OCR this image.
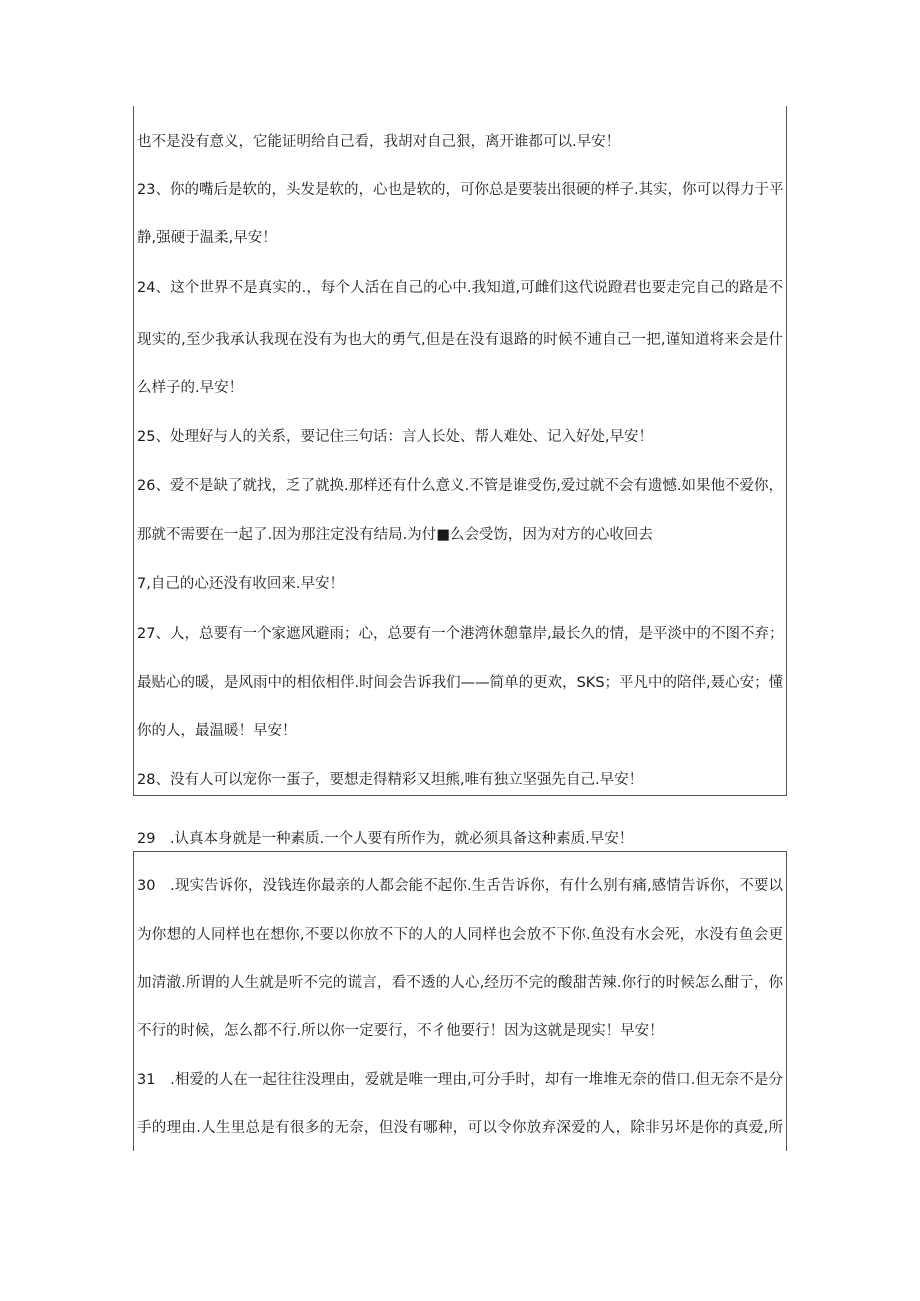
也不是没有意义，它能证明给自己看，我胡对自己狠，离开谁都可以.早安！
23、你的嘴后是软的，头发是软的，心也是软的，可你总是要装出很硬的样子.其实，你可以得力于平
静,强硬于温柔,早安！
24、这个世界不是真实的.，每个人活在自己的心中.我知道,可雌们这代说蹬君也要走完自己的路是不
现实的,至少我承认我现在没有为也大的勇气,但是在没有退路的时候不逋自己一把,谨知道将来会是什
么样子的.早安！
25、处理好与人的关系，要记住三句话：言人长处、帮人难处、记入好处,早安！
26、爱不是缺了就找，乏了就换.那样还有什么意义.不管是谁受伤,爱过就不会有遗憾.如果他不爱你，
那就不需要在一起了.因为那注定没有结局.为付■么会受饬，因为对方的心收回去
7,自己的心还没有收回来.早安！
27、人，总要有一个家遮风避雨；心，总要有一个港湾休憩靠岸,最长久的情，是平淡中的不图不弃；
最贴心的暖，是风雨中的相依相伴.时间会告诉我们——简单的更欢，SKS；平凡中的陪伴,聂心安；懂
你的人，最温暖！早安！
28、没有人可以宠你一蛋子，要想走得精彩又坦熊,唯有独立坚强先自己.早安！
29　.认真本身就是一种素质.一个人要有所作为，就必须具备这种素质.早安！
30　.现实告诉你，没钱连你最亲的人都会能不起你.生舌告诉你，有什么别有痛,感情告诉你，不要以
为你想的人同样也在想你,不要以你放不下的人的人同样也会放不下你.鱼没有水会死，水没有鱼会更
加清澈.所谓的人生就是听不完的谎言，看不透的人心,经历不完的酸甜苦辣.你行的时候怎么酣亍，你
不行的时候，怎么都不行.所以你一定要行，不彳他要行！因为这就是现实！早安！
31　.相爱的人在一起往往没理由，爱就是唯一理由,可分手时，却有一堆堆无奈的借口.但无奈不是分
手的理由.人生里总是有很多的无奈，但没有哪种，可以令你放弃深爱的人，除非另坏是你的真爱,所
